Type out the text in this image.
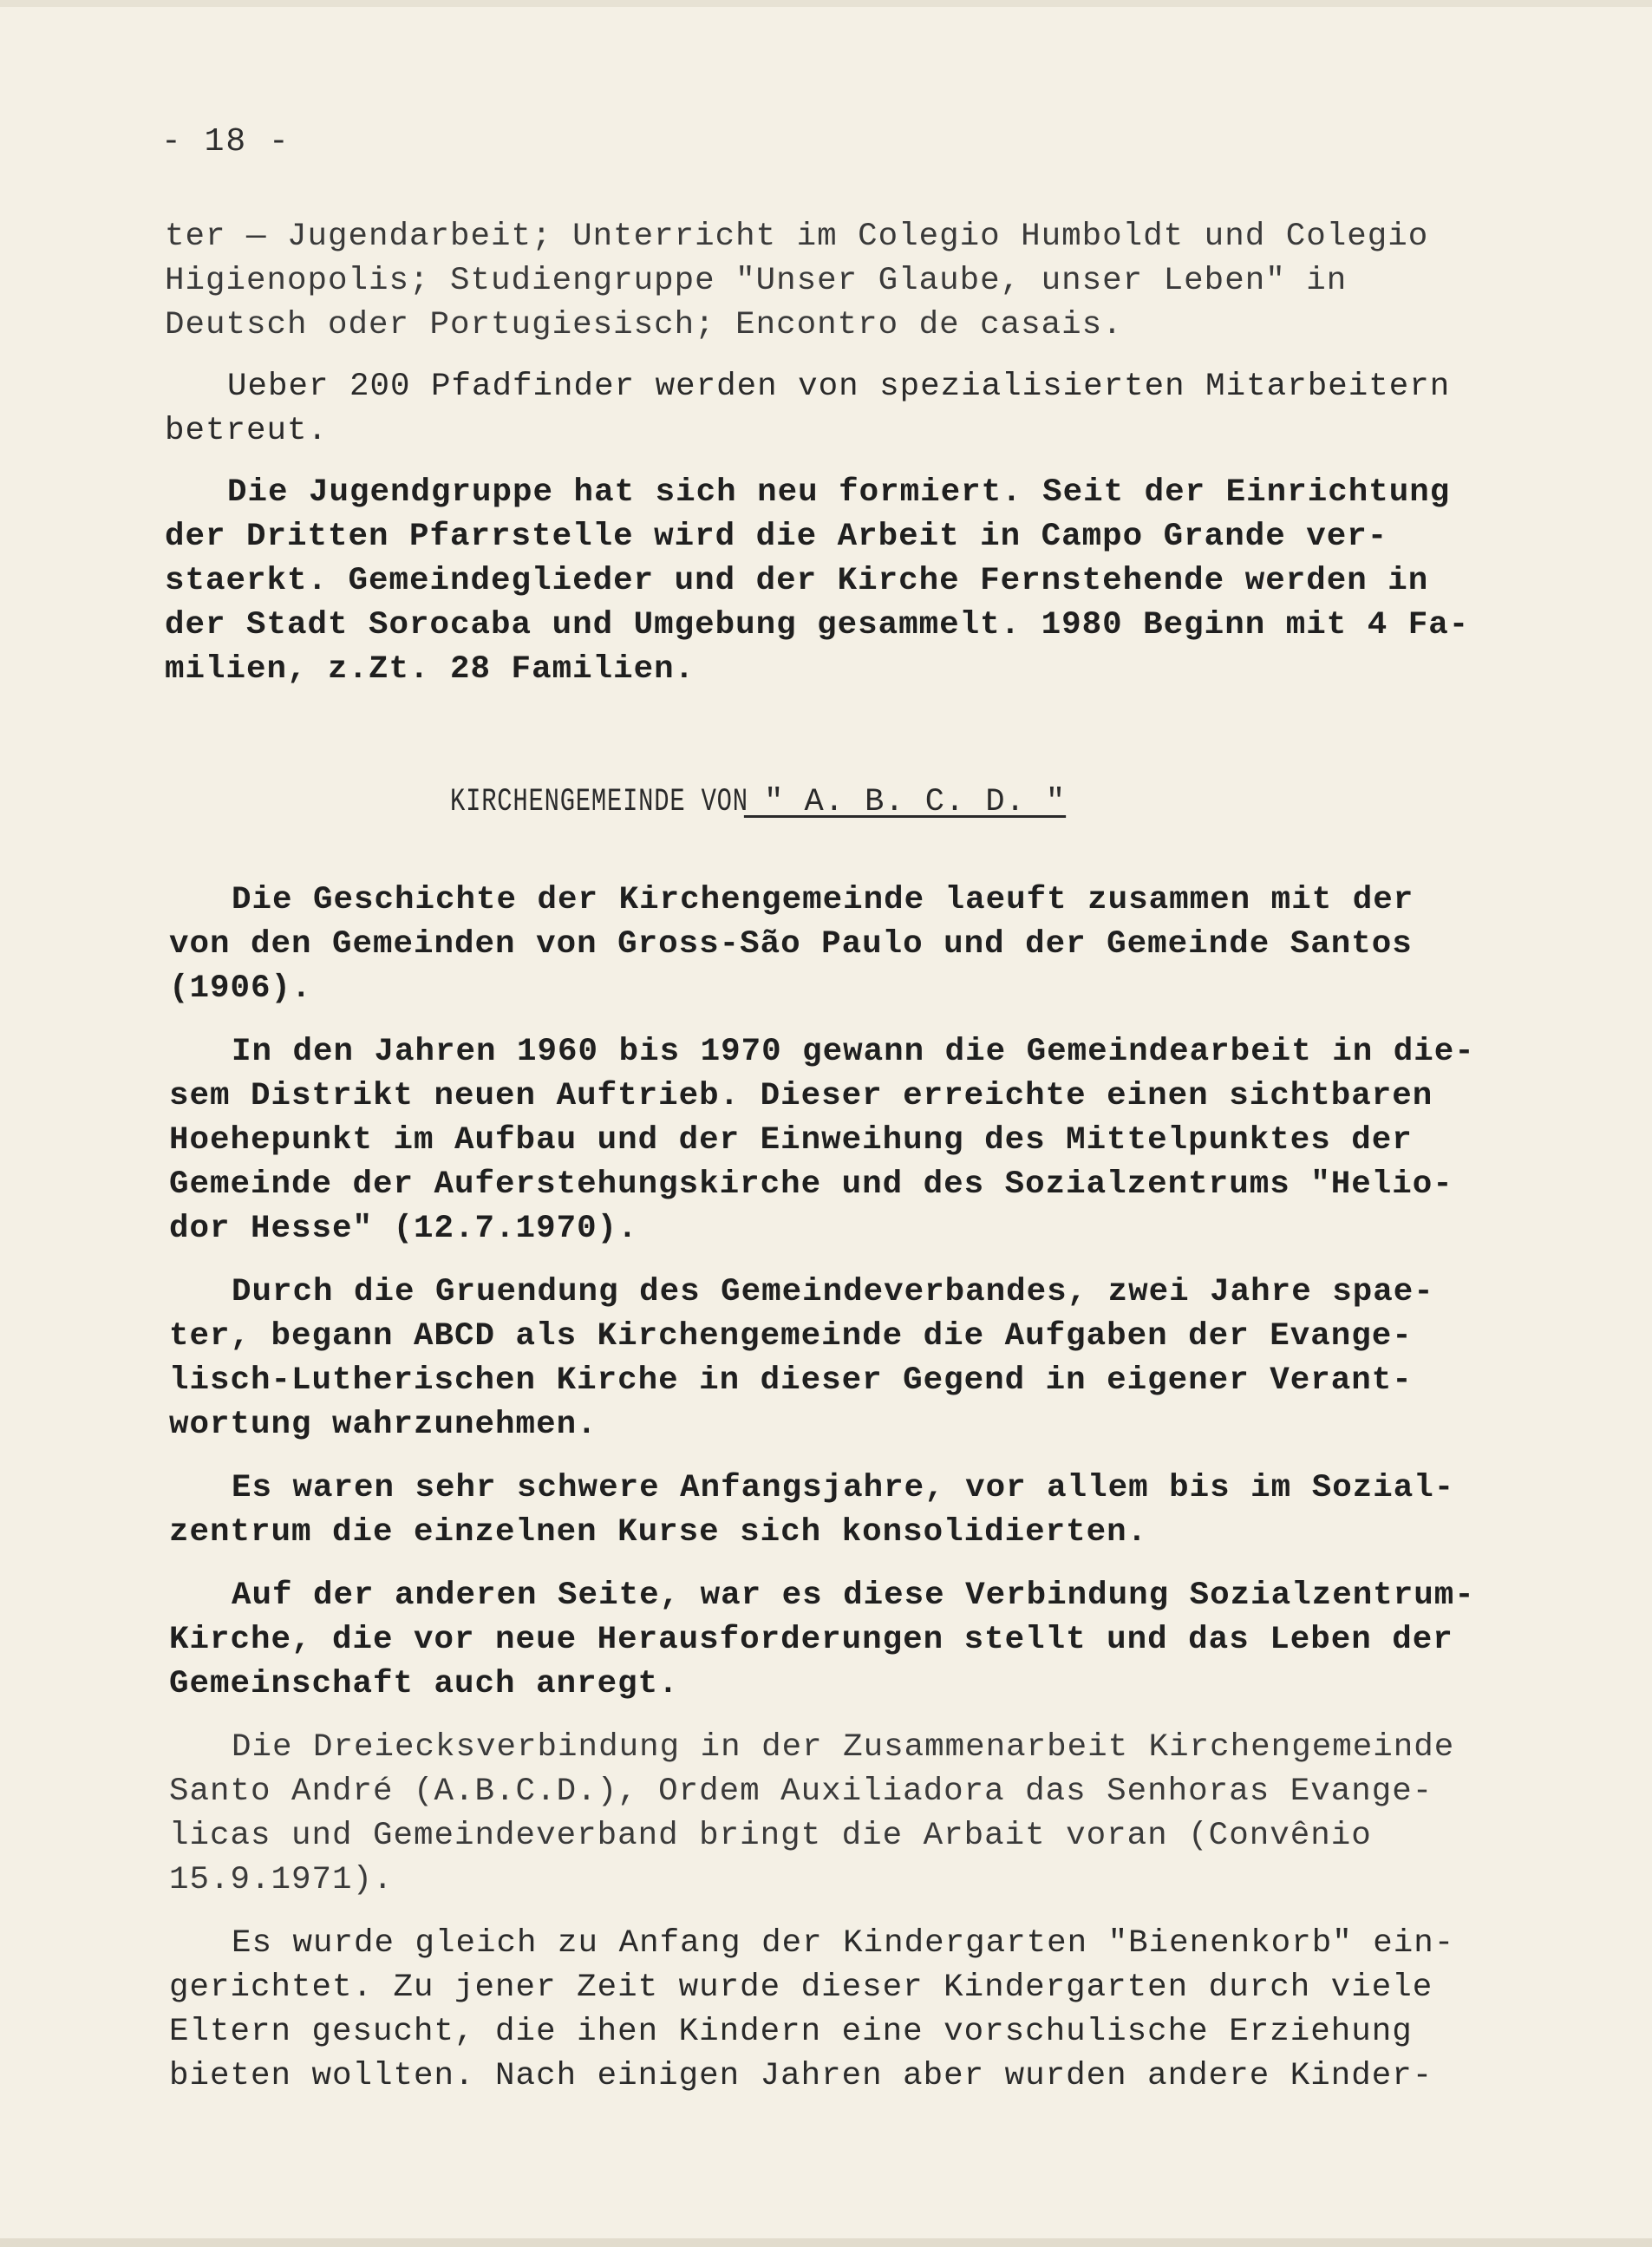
- 18 -

ter — Jugendarbeit; Unterricht im Colegio Humboldt und Colegio
Higienopolis; Studiengruppe "Unser Glaube, unser Leben" in
Deutsch oder Portugiesisch; Encontro de casais.

Ueber 200 Pfadfinder werden von spezialisierten Mitarbeitern
betreut.

Die Jugendgruppe hat sich neu formiert. Seit der Einrichtung
der Dritten Pfarrstelle wird die Arbeit in Campo Grande ver-
staerkt. Gemeindeglieder und der Kirche Fernstehende werden in
der Stadt Sorocaba und Umgebung gesammelt. 1980 Beginn mit 4 Fa-
milien, z.Zt. 28 Familien.

KIRCHENGEMEINDE VON " A. B. C. D. "

Die Geschichte der Kirchengemeinde laeuft zusammen mit der
von den Gemeinden von Gross-São Paulo und der Gemeinde Santos
(1906).

In den Jahren 1960 bis 1970 gewann die Gemeindearbeit in die-
sem Distrikt neuen Auftrieb. Dieser erreichte einen sichtbaren
Hoehepunkt im Aufbau und der Einweihung des Mittelpunktes der
Gemeinde der Auferstehungskirche und des Sozialzentrums "Helio-
dor Hesse" (12.7.1970).

Durch die Gruendung des Gemeindeverbandes, zwei Jahre spae-
ter, begann ABCD als Kirchengemeinde die Aufgaben der Evange-
lisch-Lutherischen Kirche in dieser Gegend in eigener Verant-
wortung wahrzunehmen.

Es waren sehr schwere Anfangsjahre, vor allem bis im Sozial-
zentrum die einzelnen Kurse sich konsolidierten.

Auf der anderen Seite, war es diese Verbindung Sozialzentrum-
Kirche, die vor neue Herausforderungen stellt und das Leben der
Gemeinschaft auch anregt.

Die Dreiecksverbindung in der Zusammenarbeit Kirchengemeinde
Santo André (A.B.C.D.), Ordem Auxiliadora das Senhoras Evange-
licas und Gemeindeverband bringt die Arbait voran (Convênio
15.9.1971).

Es wurde gleich zu Anfang der Kindergarten "Bienenkorb" ein-
gerichtet. Zu jener Zeit wurde dieser Kindergarten durch viele
Eltern gesucht, die ihen Kindern eine vorschulische Erziehung
bieten wollten. Nach einigen Jahren aber wurden andere Kinder-
